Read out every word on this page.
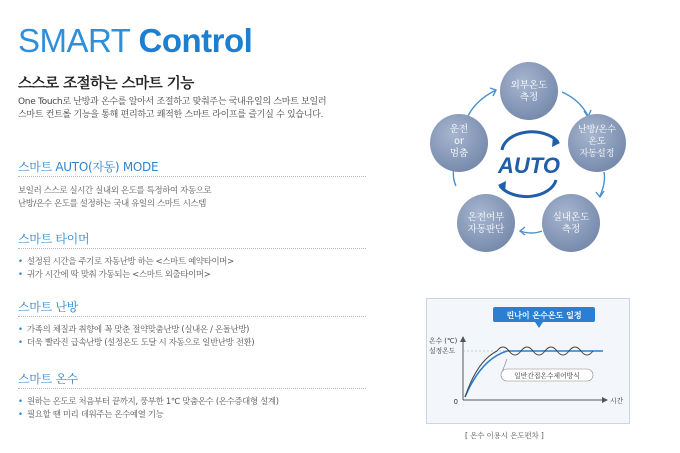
SMART Control
스스로 조절하는 스마트 기능
One Touch로 난방과 온수를 알아서 조절하고 맞춰주는 국내유일의 스마트 보일러
스마트 컨트롤 기능을 통해 편리하고 쾌적한 스마트 라이프를 즐기실 수 있습니다.
스마트 AUTO(자동) MODE
보일러 스스로 실시간 실내외 온도를 특정하여 자동으로
난방/온수 온도를 설정하는 국내 유일의 스마트 시스템
스마트 타이머
• 설정된 시간을 주기로 자동난방 하는 <스마트 예약타이머>
• 귀가 시간에 딱 맞춰 가동되는 <스마트 외출타이머>
스마트 난방
• 가족의 체질과 취향에 꼭 맞춘 절약맞춤난방 (실내온 / 온돌난방)
• 더욱 빨라진 급속난방 (설정온도 도달 시 자동으로 일반난방 전환)
스마트 온수
• 원하는 온도로 처음부터 끝까지, 풍부한 1℃ 맞춤온수 (온수증대형 설계)
• 필요할 땐 미리 데워주는 온수예열 기능
외부온도
측정
난방/온수
온도
자동설정
실내온도
측정
온전여부
자동판단
운전
or
멈춤 AUTO
린나이 온수온도 일정
온수 (℃)
설정온도
0	시간
일반간접온수제어방식
[ 온수 이용시 온도편차 ]
